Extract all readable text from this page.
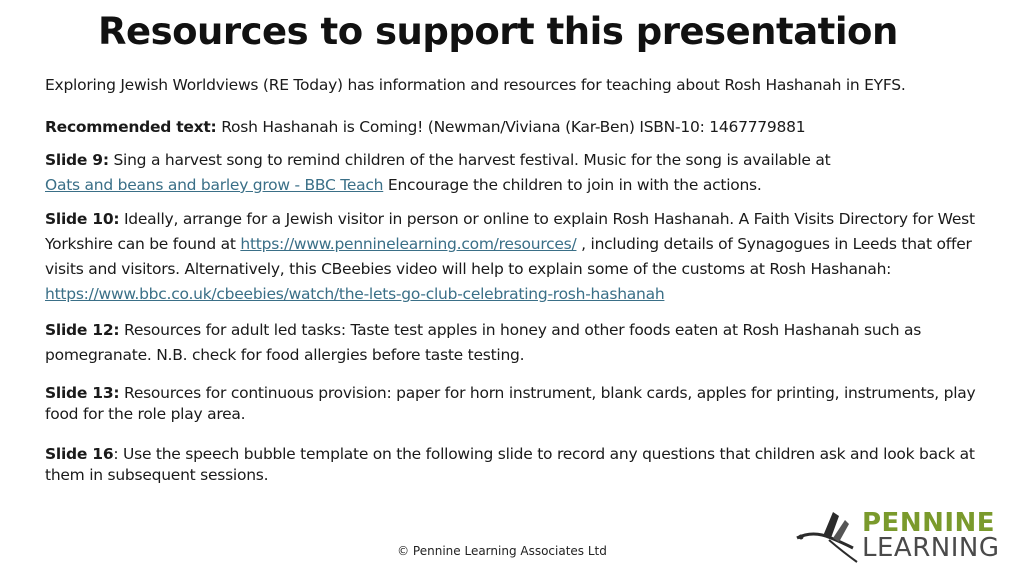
Resources to support this presentation
Exploring Jewish Worldviews (RE Today) has information and resources for teaching about Rosh Hashanah in EYFS.
Recommended text: Rosh Hashanah is Coming! (Newman/Viviana (Kar-Ben) ISBN-10: 1467779881
Slide 9: Sing a harvest song to remind children of the harvest festival. Music for the song is available at
Oats and beans and barley grow - BBC Teach Encourage the children to join in with the actions.
Slide 10: Ideally, arrange for a Jewish visitor in person or online to explain Rosh Hashanah. A Faith Visits Directory for West Yorkshire can be found at https://www.penninelearning.com/resources/ , including details of Synagogues in Leeds that offer visits and visitors. Alternatively, this CBeebies video will help to explain some of the customs at Rosh Hashanah: https://www.bbc.co.uk/cbeebies/watch/the-lets-go-club-celebrating-rosh-hashanah
Slide 12: Resources for adult led tasks: Taste test apples in honey and other foods eaten at Rosh Hashanah such as pomegranate. N.B. check for food allergies before taste testing.
Slide 13: Resources for continuous provision: paper for horn instrument, blank cards, apples for printing, instruments, play food for the role play area.
Slide 16: Use the speech bubble template on the following slide to record any questions that children ask and look back at them in subsequent sessions.
© Pennine Learning Associates Ltd
PENNINE
LEARNING
